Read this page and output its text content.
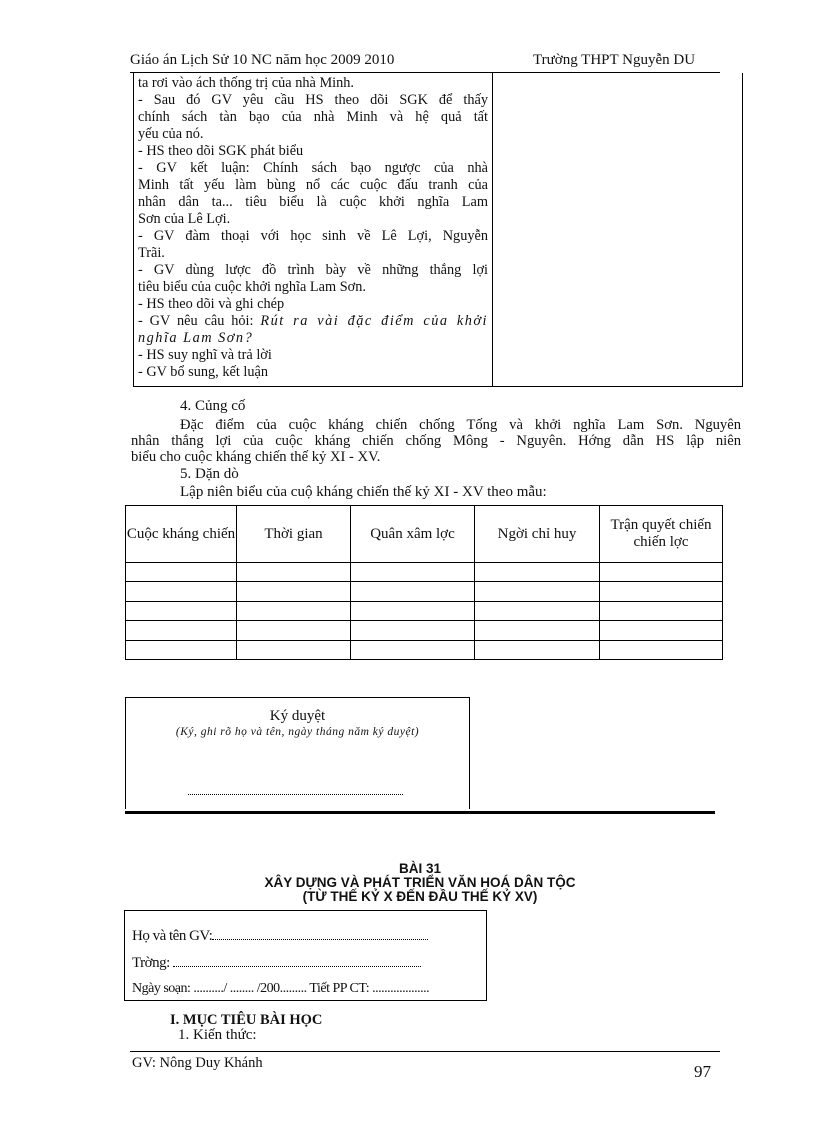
Giáo án Lịch Sử 10 NC năm học 2009 2010	Trường THPT Nguyễn DU
ta rơi vào ách thống trị của nhà Minh.
- Sau đó GV yêu cầu HS theo dõi SGK để thấy
chính sách tàn bạo của nhà Minh và hệ quả tất
yếu của nó.
- HS theo dõi SGK phát biểu
- GV kết luận: Chính sách bạo ngược của nhà
Minh tất yếu làm bùng nổ các cuộc đấu tranh của
nhân dân ta... tiêu biểu là cuộc khởi nghĩa Lam
Sơn của Lê Lợi.
- GV đàm thoại với học sinh về Lê Lợi, Nguyễn
Trãi.
- GV dùng lược đồ trình bày về những thắng lợi
tiêu biểu của cuộc khởi nghĩa Lam Sơn.
- HS theo dõi và ghi chép
- GV nêu câu hỏi: Rút ra vài đặc điểm của khởi
nghĩa Lam Sơn?
- HS suy nghĩ và trả lời
- GV bổ sung, kết luận
4. Củng cố
Đặc điểm của cuộc kháng chiến chống Tống và khởi nghĩa Lam Sơn. Nguyên
nhân thắng lợi của cuộc kháng chiến chống Mông - Nguyên. Hớng dẫn HS lập niên
biểu cho cuộc kháng chiến thế kỷ XI - XV.
5. Dặn dò
Lập niên biểu của cuộ kháng chiến thế kỷ XI - XV theo mẫu:
Cuộc kháng chiến	Thời gian	Quân xâm lợc	Ngời chỉ huy	Trận quyết chiến chiến lợc

Ký duyệt
(Ký, ghi rõ họ và tên, ngày tháng năm ký duyệt)
BÀI 31
XÂY DỰNG VÀ PHÁT TRIỂN VĂN HOÁ DÂN TỘC
(TỪ THẾ KỶ X ĐẾN ĐẦU THẾ KỶ XV)
Họ và tên GV:
Trờng:
Ngày soạn: ........../ ........ /200......... Tiết PP CT: ...................
I. MỤC TIÊU BÀI HỌC
1. Kiến thức:
GV: Nông Duy Khánh	97
